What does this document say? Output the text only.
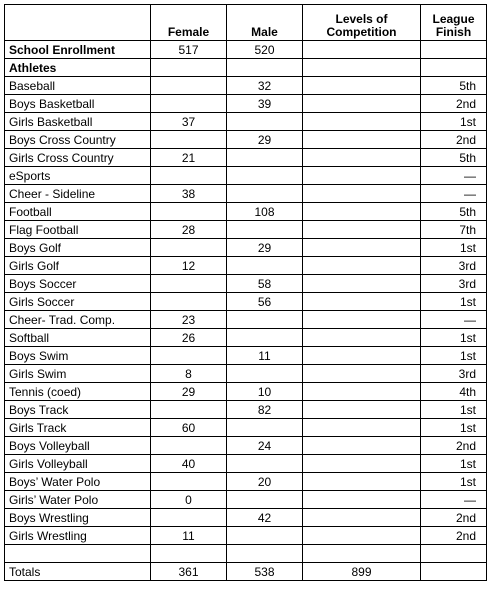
	Female	Male	Levels of Competition	League Finish
School Enrollment	517	520		
Athletes				
Baseball		32		5th
Boys Basketball		39		2nd
Girls Basketball	37			1st
Boys Cross Country		29		2nd
Girls Cross Country	21			5th
eSports				—
Cheer - Sideline	38			—
Football		108		5th
Flag Football	28			7th
Boys Golf		29		1st
Girls Golf	12			3rd
Boys Soccer		58		3rd
Girls Soccer		56		1st
Cheer- Trad. Comp.	23			—
Softball	26			1st
Boys Swim		11		1st
Girls Swim	8			3rd
Tennis (coed)	29	10		4th
Boys Track		82		1st
Girls Track	60			1st
Boys Volleyball		24		2nd
Girls Volleyball	40			1st
Boys’ Water Polo		20		1st
Girls’ Water Polo	0			—
Boys Wrestling		42		2nd
Girls Wrestling	11			2nd

Totals	361	538	899	
